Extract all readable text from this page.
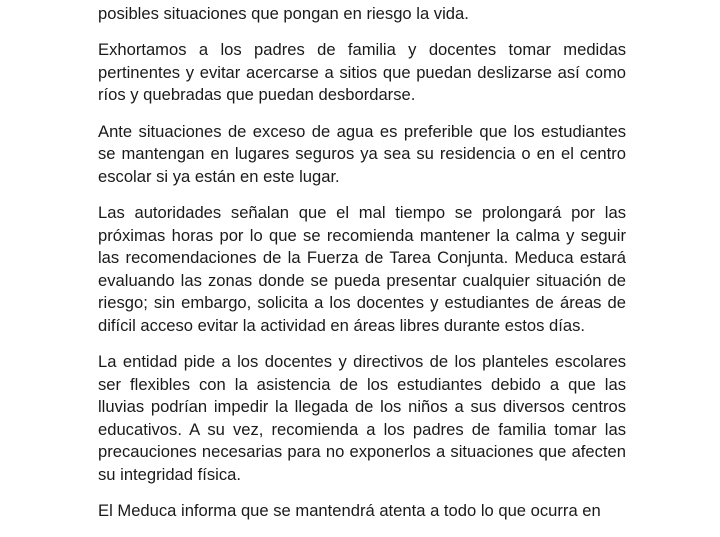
posibles situaciones que pongan en riesgo la vida.

Exhortamos a los padres de familia y docentes tomar medidas pertinentes y evitar acercarse a sitios que puedan deslizarse así como ríos y quebradas que puedan desbordarse.

Ante situaciones de exceso de agua es preferible que los estudiantes se mantengan en lugares seguros ya sea su residencia o en el centro escolar si ya están en este lugar.

Las autoridades señalan que el mal tiempo se prolongará por las próximas horas por lo que se recomienda mantener la calma y seguir las recomendaciones de la Fuerza de Tarea Conjunta. Meduca estará evaluando las zonas donde se pueda presentar cualquier situación de riesgo; sin embargo, solicita a los docentes y estudiantes de áreas de difícil acceso evitar la actividad en áreas libres durante estos días.

La entidad pide a los docentes y directivos de los planteles escolares ser flexibles con la asistencia de los estudiantes debido a que las lluvias podrían impedir la llegada de los niños a sus diversos centros educativos. A su vez, recomienda a los padres de familia tomar las precauciones necesarias para no exponerlos a situaciones que afecten su integridad física.

El Meduca informa que se mantendrá atenta a todo lo que ocurra en
